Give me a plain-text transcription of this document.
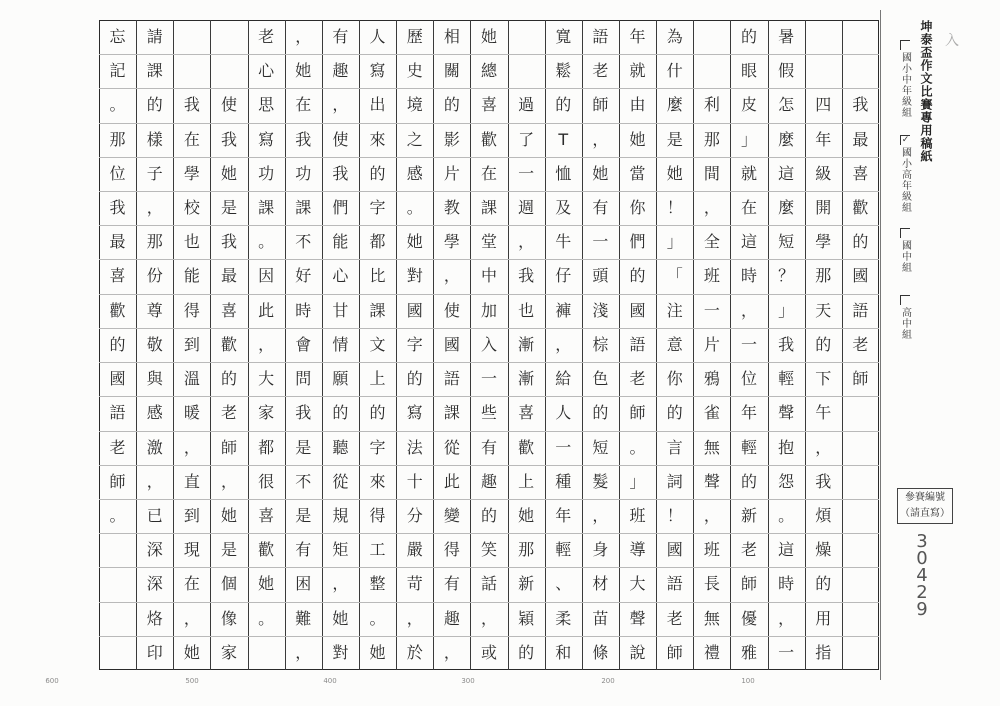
我
最
喜
歡
的
國
語
老
師
四
年
級
開
學
那
天
的
下
午
，
我
煩
燥
的
用
指
暑
假
怎
麼
這
麼
短
？
」
我
輕
聲
抱
怨
。
這
時
，
一
的
眼
皮
」
就
在
這
時
，
一
位
年
輕
的
新
老
師
優
雅
利
那
間
，
全
班
一
片
鴉
雀
無
聲
，
班
長
無
禮
為
什
麼
是
她
！
」
「
注
意
你
的
言
詞
！
國
語
老
師
年
就
由
她
當
你
們
的
國
語
老
師
。
」
班
導
大
聲
說
語
老
師
，
她
有
一
頭
淺
棕
色
的
短
髮
，
身
材
苗
條
寬
鬆
的
T
恤
及
牛
仔
褲
，
給
人
一
種
年
輕
、
柔
和
過
了
一
週
，
我
也
漸
漸
喜
歡
上
她
那
新
穎
的
她
總
喜
歡
在
課
堂
中
加
入
一
些
有
趣
的
笑
話
，
或
相
關
的
影
片
教
學
，
使
國
語
課
從
此
變
得
有
趣
，
歷
史
境
之
感
。
她
對
國
字
的
寫
法
十
分
嚴
苛
，
於
人
寫
出
來
的
字
都
比
課
文
上
的
字
來
得
工
整
。
她
有
趣
，
使
我
們
能
心
甘
情
願
的
聽
從
規
矩
，
她
對
，
她
在
我
功
課
不
好
時
會
問
我
是
不
是
有
困
難
，
老
心
思
寫
功
課
。
因
此
，
大
家
都
很
喜
歡
她
。
使
我
她
是
我
最
喜
歡
的
老
師
，
她
是
個
像
家
我
在
學
校
也
能
得
到
溫
暖
，
直
到
現
在
，
她
請
課
的
樣
子
，
那
份
尊
敬
與
感
激
，
已
深
深
烙
印
忘
記
。
那
位
我
最
喜
歡
的
國
語
老
師
。
600	500	400	300	200	100
坤泰盃作文比賽專用稿紙
國小中年級組
✓
國小高年級組
國中組
高中組
參賽編號（請直寫）
30429
入
